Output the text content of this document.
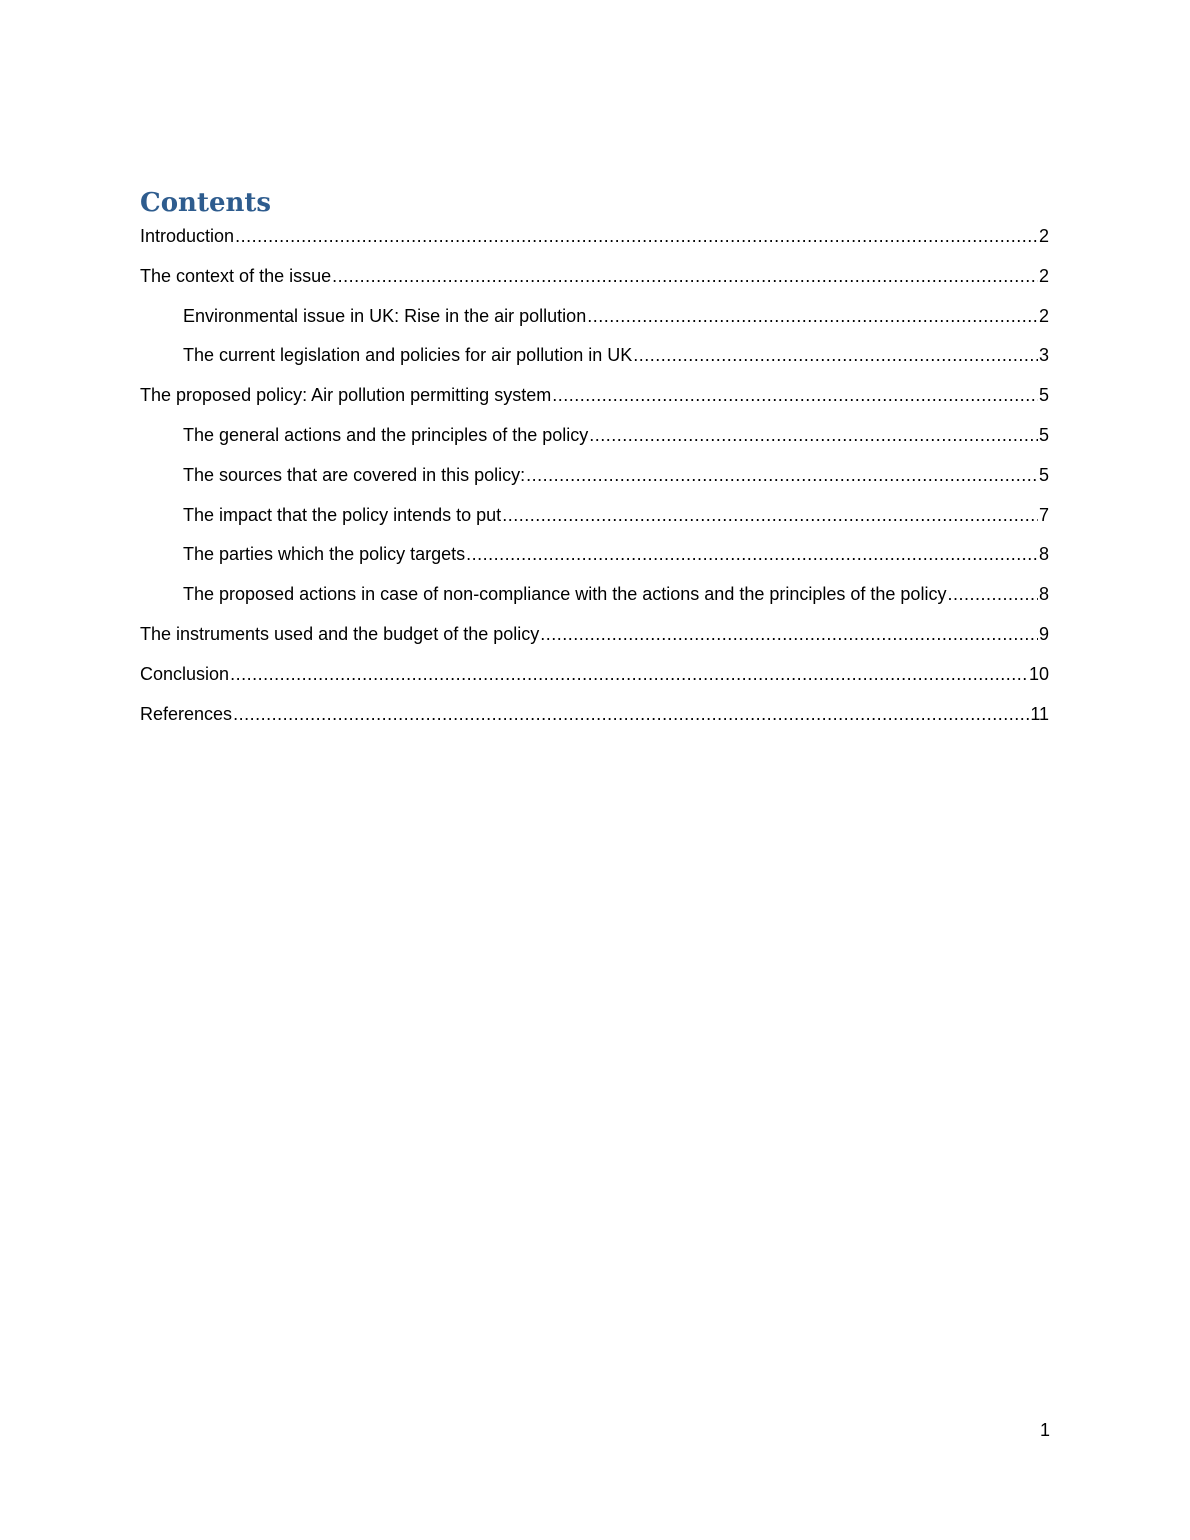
Contents
Introduction .....	2
The context of the issue .....	2
Environmental issue in UK: Rise in the air pollution .....	2
The current legislation and policies for air pollution in UK .....	3
The proposed policy: Air pollution permitting system .....	5
The general actions and the principles of the policy .....	5
The sources that are covered in this policy: .....	5
The impact that the policy intends to put .....	7
The parties which the policy targets .....	8
The proposed actions in case of non-compliance with the actions and the principles of the policy .....	8
The instruments used and the budget of the policy .....	9
Conclusion .....	10
References .....	11
1
